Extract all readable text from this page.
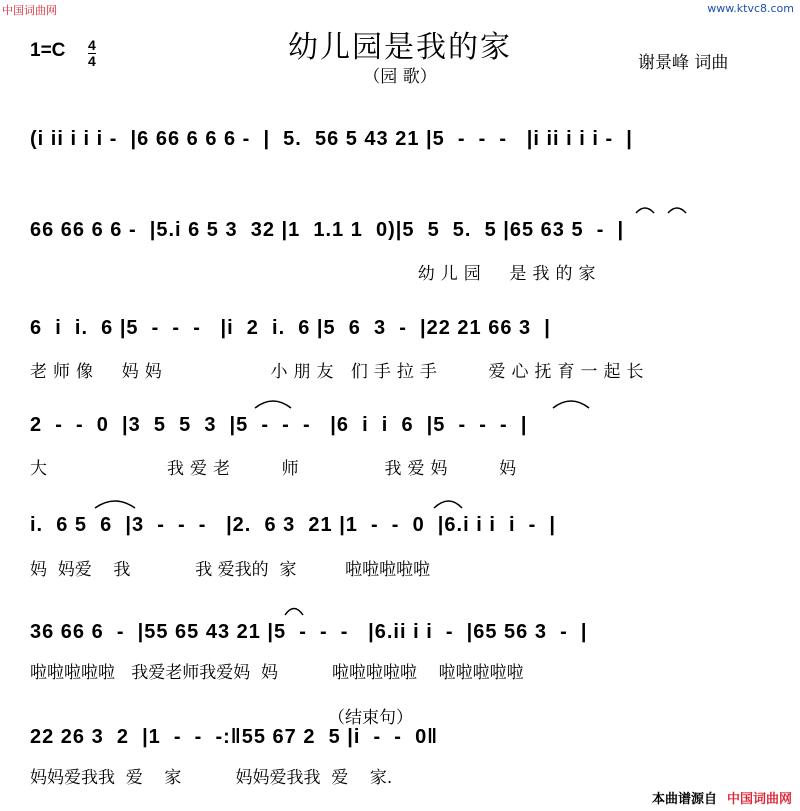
中国词曲网	www.ktvc8.com
幼儿园是我的家
（园 歌）
1=C 4
4	谢景峰 词曲
(i ii i i i -  |6 66 6 6 6 -  |  5.  56 5 43 21 |5  -  -  -   |i ii i i i -  |
66 66 6 6 -  |5.i 6 5 3  32 |1  1.1 1  0)|5  5  5.  5 |65 63 5  -  |
幼儿园  是我的家
6  i  i.  6 |5  -  -  -   |i  2  i.  6 |5  6  3  -  |22 21 66 3  |
老师像  妈妈         小朋友 们手拉手    爱心抚育一起长
2  -  -  0  |3  5  5  3  |5  -  -  -   |6  i  i  6  |5  -  -  -  |
大          我爱老    师       我爱妈    妈
i.  6 5  6  |3  -  -  -   |2.  6 3  21 |1  -  -  0  |6.i i i  i  -  |
妈  妈爱    我            我 爱我的  家         啦啦啦啦啦
36 66 6  -  |55 65 43 21 |5  -  -  -   |6.ii i i  -  |65 56 3  -  |
啦啦啦啦啦   我爱老师我爱妈  妈          啦啦啦啦啦    啦啦啦啦啦
（结束句）
22 26 3  2  |1  -  -  -:‖55 67 2  5 |i  -  -  0‖
妈妈爱我我  爱    家          妈妈爱我我  爱    家.
本曲谱源自 中国词曲网
